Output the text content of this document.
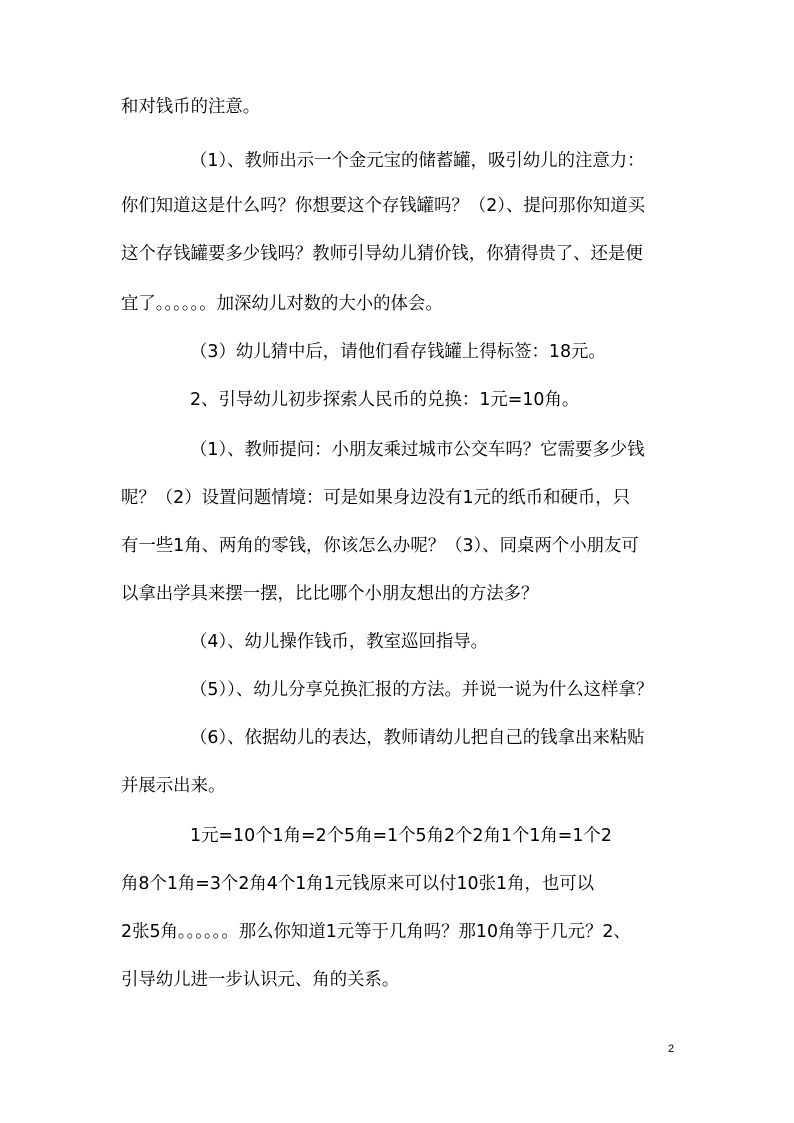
和对钱币的注意。
（1）、教师出示一个金元宝的储蓄罐，吸引幼儿的注意力：
你们知道这是什么吗？你想要这个存钱罐吗？（2）、提问那你知道买
这个存钱罐要多少钱吗？教师引导幼儿猜价钱，你猜得贵了、还是便
宜了。。。。。。加深幼儿对数的大小的体会。
（3）幼儿猜中后，请他们看存钱罐上得标签：18元。
2、引导幼儿初步探索人民币的兑换：1元=10角。
（1）、教师提问：小朋友乘过城市公交车吗？它需要多少钱
呢？（2）设置问题情境：可是如果身边没有1元的纸币和硬币，只
有一些1角、两角的零钱，你该怎么办呢？（3）、同桌两个小朋友可
以拿出学具来摆一摆，比比哪个小朋友想出的方法多？
（4）、幼儿操作钱币，教室巡回指导。
（5））、幼儿分享兑换汇报的方法。并说一说为什么这样拿？
（6）、依据幼儿的表达，教师请幼儿把自己的钱拿出来粘贴
并展示出来。
1元=10个1角=2个5角=1个5角2个2角1个1角=1个2
角8个1角=3个2角4个1角1元钱原来可以付10张1角，也可以
2张5角。。。。。。那么你知道1元等于几角吗？那10角等于几元？2、
引导幼儿进一步认识元、角的关系。
2
